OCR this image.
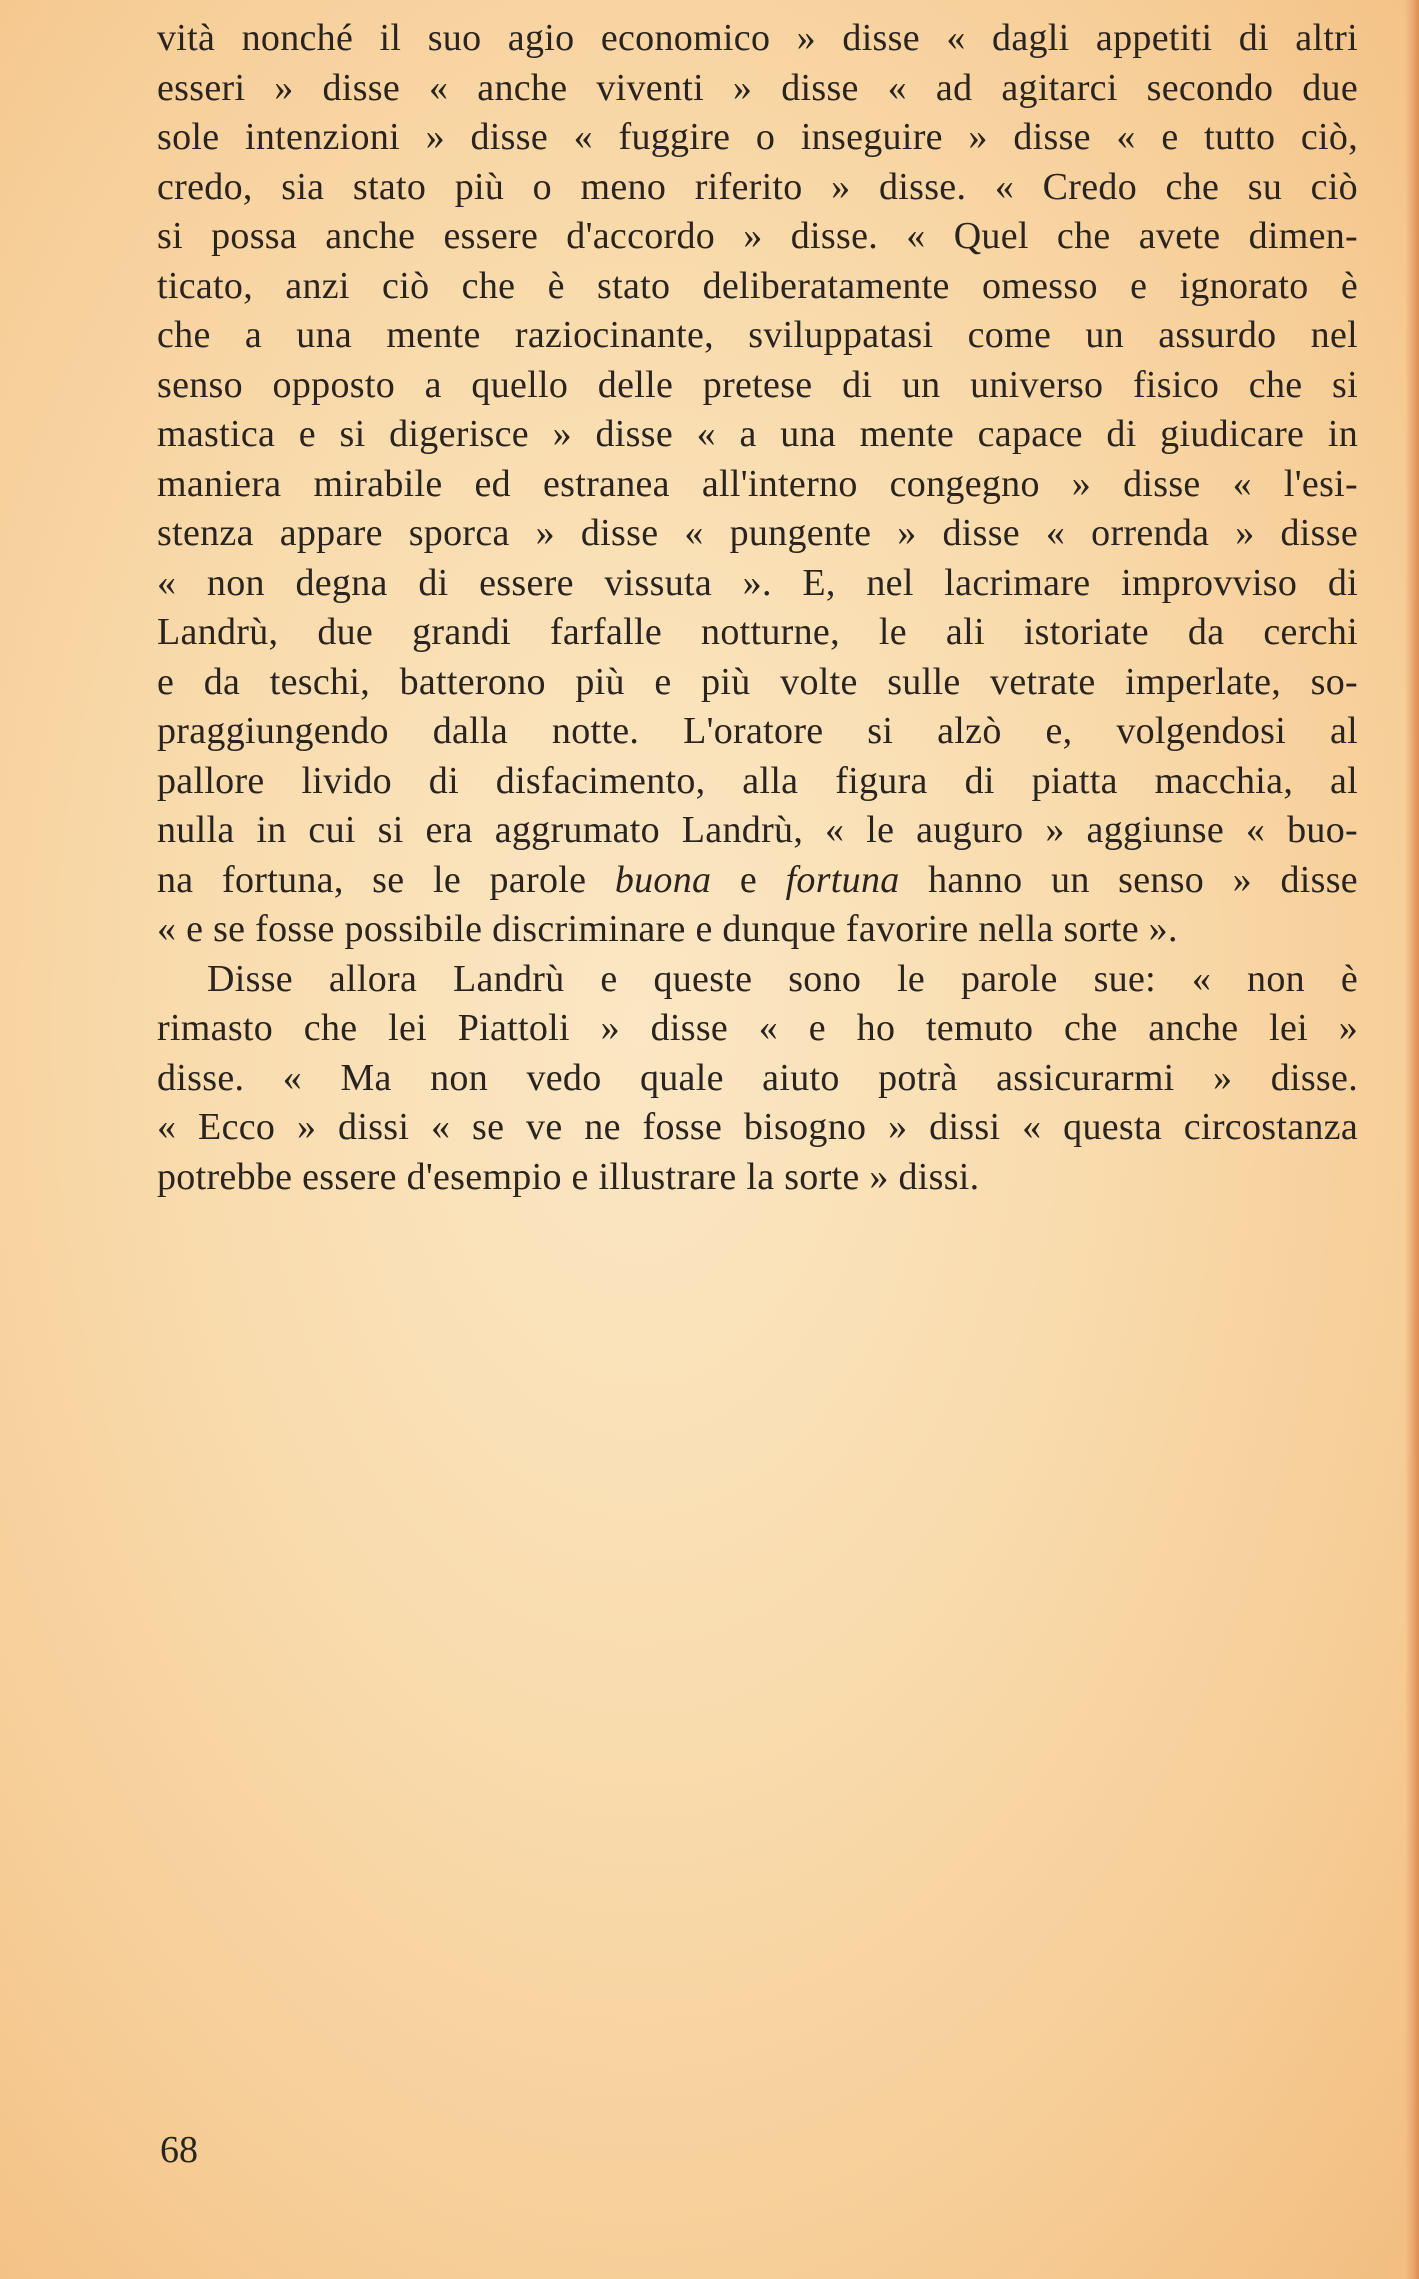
vità nonché il suo agio economico » disse « dagli appetiti di altri
esseri » disse « anche viventi » disse « ad agitarci secondo due
sole intenzioni » disse « fuggire o inseguire » disse « e tutto ciò,
credo, sia stato più o meno riferito » disse. « Credo che su ciò
si possa anche essere d'accordo » disse. « Quel che avete dimen-
ticato, anzi ciò che è stato deliberatamente omesso e ignorato è
che a una mente raziocinante, sviluppatasi come un assurdo nel
senso opposto a quello delle pretese di un universo fisico che si
mastica e si digerisce » disse « a una mente capace di giudicare in
maniera mirabile ed estranea all'interno congegno » disse « l'esi-
stenza appare sporca » disse « pungente » disse « orrenda » disse
« non degna di essere vissuta ». E, nel lacrimare improvviso di
Landrù, due grandi farfalle notturne, le ali istoriate da cerchi
e da teschi, batterono più e più volte sulle vetrate imperlate, so-
praggiungendo dalla notte. L'oratore si alzò e, volgendosi al
pallore livido di disfacimento, alla figura di piatta macchia, al
nulla in cui si era aggrumato Landrù, « le auguro » aggiunse « buo-
na fortuna, se le parole buona e fortuna hanno un senso » disse
« e se fosse possibile discriminare e dunque favorire nella sorte ».

Disse allora Landrù e queste sono le parole sue: « non è
rimasto che lei Piattoli » disse « e ho temuto che anche lei »
disse. « Ma non vedo quale aiuto potrà assicurarmi » disse.
« Ecco » dissi « se ve ne fosse bisogno » dissi « questa circostanza
potrebbe essere d'esempio e illustrare la sorte » dissi.

68
